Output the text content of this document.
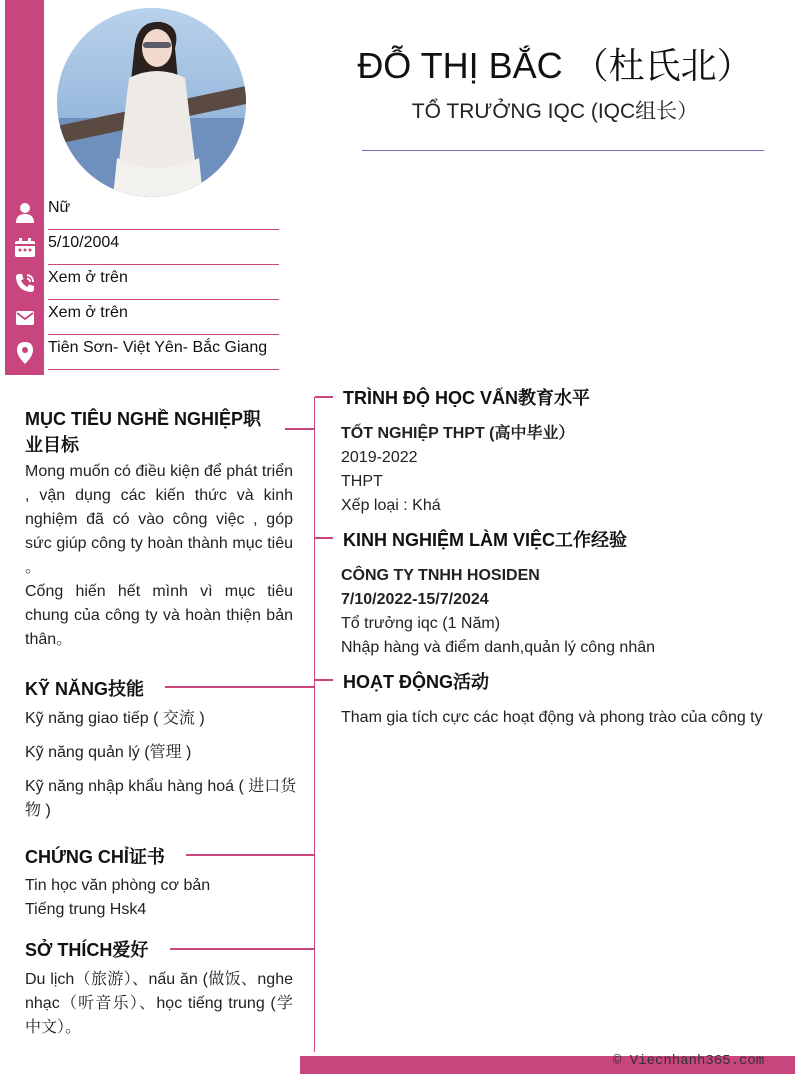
ĐỖ THỊ BẮC （杜氏北）
TỔ TRƯỞNG IQC (IQC组长）
Nữ
5/10/2004
Xem ở trên
Xem ở trên
Tiên Sơn- Việt Yên- Bắc Giang
MỤC TIÊU NGHỀ NGHIỆP职
业目标
Mong muốn có điều kiện để phát triển , vận dụng các kiến thức và kinh nghiệm đã có vào công việc , góp sức giúp công ty hoàn thành mục tiêu 。
Cống hiến hết mình vì mục tiêu chung của công ty và hoàn thiện bản thân。
KỸ NĂNG技能
Kỹ năng giao tiếp ( 交流 )
Kỹ năng quản lý (管理 )
Kỹ năng nhập khẩu hàng hoá ( 进口货物 )
CHỨNG CHỈ证书
Tin học văn phòng cơ bản
Tiếng trung Hsk4
SỞ THÍCH爱好
Du lịch（旅游）、nấu ăn (做饭、nghe nhạc（听音乐）、học tiếng trung (学中文）。
TRÌNH ĐỘ HỌC VẤN教育水平
TỐT NGHIỆP THPT (高中毕业）
2019-2022
THPT
Xếp loại : Khá
KINH NGHIỆM LÀM VIỆC工作经验
CÔNG TY TNHH HOSIDEN
7/10/2022-15/7/2024
Tổ trưởng iqc (1 Năm)
Nhập hàng và điểm danh,quản lý công nhân
HOẠT ĐỘNG活动
Tham gia tích cực các hoạt động và phong trào của công ty
© Viecnhanh365.com
